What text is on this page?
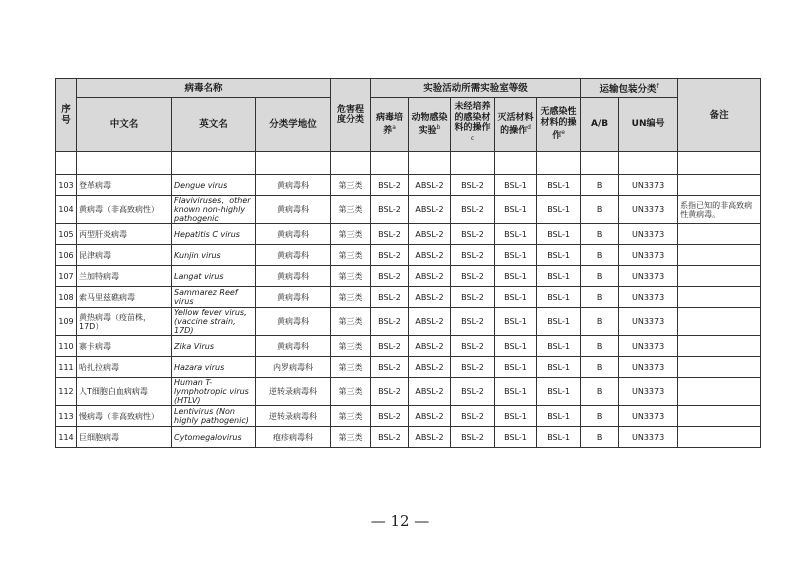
序号	病毒名称			危害程度分类	实验活动所需实验室等级					运输包装分类$^f$		备注
	中文名	英文名	分类学地位		病毒培养$^a$	动物感染实验$^b$	未经培养的感染材料的操作$^c$	灭活材料的操作$^d$	无感染性材料的操作$^e$	A/B	UN编号	

103	登革病毒	Dengue virus	黄病毒科	第三类	BSL-2	ABSL-2	BSL-2	BSL-1	BSL-1	B	UN3373	
104	黄病毒（非高致病性）	Flaviviruses，other known non-highly pathogenic	黄病毒科	第三类	BSL-2	ABSL-2	BSL-2	BSL-1	BSL-1	B	UN3373	系指已知的非高致病性黄病毒。
105	丙型肝炎病毒	Hepatitis C virus	黄病毒科	第三类	BSL-2	ABSL-2	BSL-2	BSL-1	BSL-1	B	UN3373	
106	昆津病毒	Kunjin virus	黄病毒科	第三类	BSL-2	ABSL-2	BSL-2	BSL-1	BSL-1	B	UN3373	
107	兰加特病毒	Langat virus	黄病毒科	第三类	BSL-2	ABSL-2	BSL-2	BSL-1	BSL-1	B	UN3373	
108	索马里兹礁病毒	Sammarez Reef virus	黄病毒科	第三类	BSL-2	ABSL-2	BSL-2	BSL-1	BSL-1	B	UN3373	
109	黄热病毒（疫苗株，17D）	Yellow fever virus,(vaccine strain, 17D)	黄病毒科	第三类	BSL-2	ABSL-2	BSL-2	BSL-1	BSL-1	B	UN3373	
110	寨卡病毒	Zika Virus	黄病毒科	第三类	BSL-2	ABSL-2	BSL-2	BSL-1	BSL-1	B	UN3373	
111	哈扎拉病毒	Hazara virus	内罗病毒科	第三类	BSL-2	ABSL-2	BSL-2	BSL-1	BSL-1	B	UN3373	
112	人T细胞白血病病毒	Human T-lymphotropic virus (HTLV)	逆转录病毒科	第三类	BSL-2	ABSL-2	BSL-2	BSL-1	BSL-1	B	UN3373	
113	慢病毒（非高致病性）	Lentivirus (Non highly pathogenic)	逆转录病毒科	第三类	BSL-2	ABSL-2	BSL-2	BSL-1	BSL-1	B	UN3373	
114	巨细胞病毒	Cytomegalovirus	疱疹病毒科	第三类	BSL-2	ABSL-2	BSL-2	BSL-1	BSL-1	B	UN3373	
— 12 —
